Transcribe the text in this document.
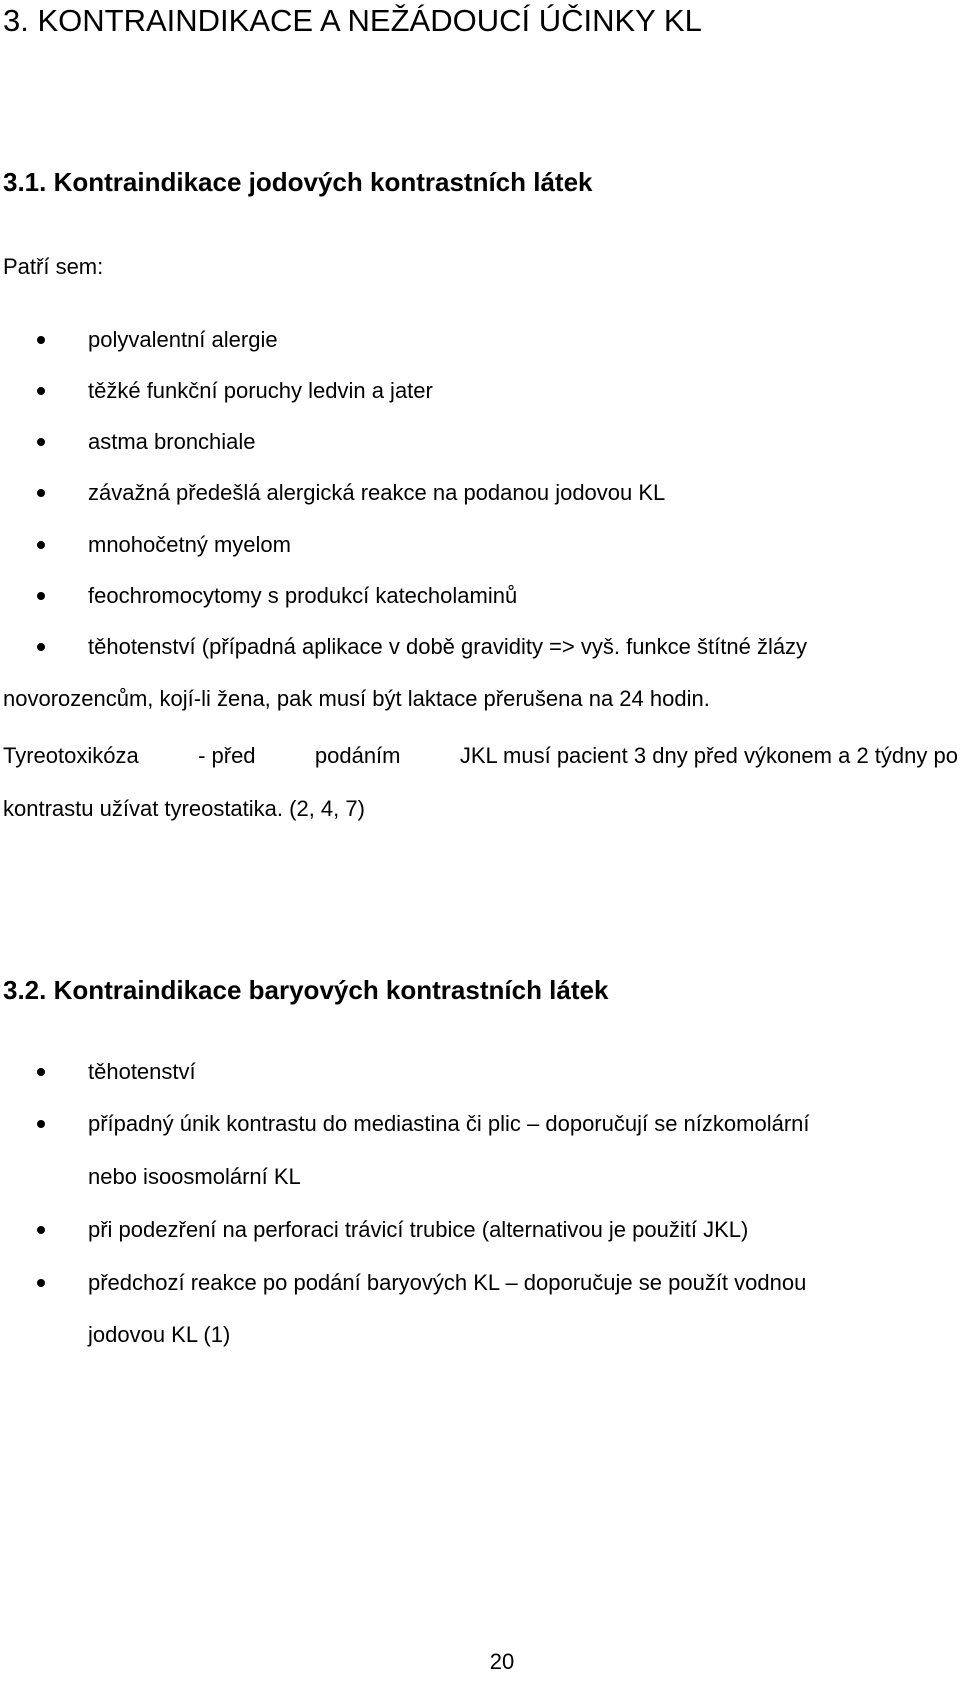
3. KONTRAINDIKACE A NEŽÁDOUCÍ ÚČINKY KL
3.1. Kontraindikace jodových kontrastních látek

Patří sem:

polyvalentní alergie
těžké funkční poruchy ledvin a jater
astma bronchiale
závažná předešlá alergická reakce na podanou jodovou KL
mnohočetný myelom
feochromocytomy s produkcí katecholaminů
těhotenství (případná aplikace v době gravidity => vyš. funkce štítné žlázy

novorozencům, kojí-li žena, pak musí být laktace přerušena na 24 hodin.

Tyreotoxikóza	- před	podáním	JKL musí pacient 3 dny před výkonem a 2 týdny po

kontrastu užívat tyreostatika. (2, 4, 7)

3.2. Kontraindikace baryových kontrastních látek
těhotenství
případný únik kontrastu do mediastina či plic – doporučují se nízkomolární
nebo isoosmolární KL
při podezření na perforaci trávicí trubice (alternativou je použití JKL)
předchozí reakce po podání baryových KL – doporučuje se použít vodnou
jodovou KL (1)
20
